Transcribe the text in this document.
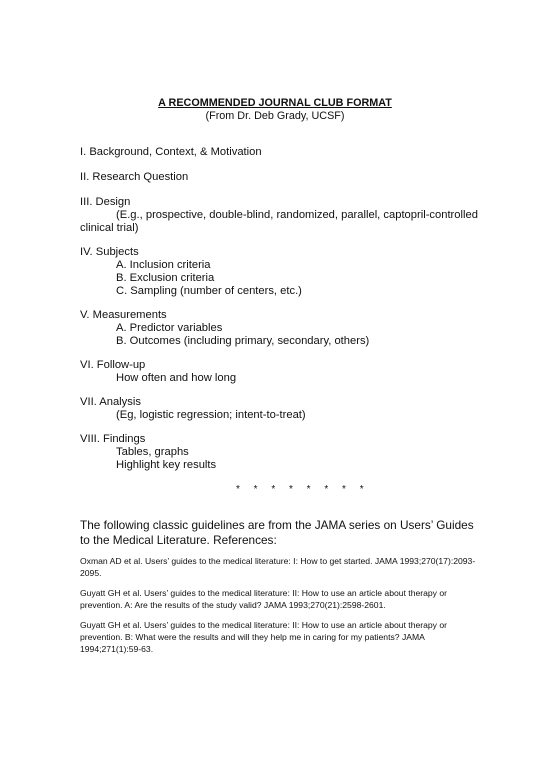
A RECOMMENDED JOURNAL CLUB FORMAT
(From Dr. Deb Grady, UCSF)
I. Background, Context, & Motivation
II. Research Question
III. Design
(E.g., prospective, double-blind, randomized, parallel, captopril-controlled
clinical trial)
IV. Subjects
A. Inclusion criteria
B. Exclusion criteria
C. Sampling (number of centers, etc.)
V. Measurements
A. Predictor variables
B. Outcomes (including primary, secondary, others)
VI. Follow-up
How often and how long
VII. Analysis
(Eg, logistic regression; intent-to-treat)
VIII. Findings
Tables, graphs
Highlight key results
* * * * * * * *
The following classic guidelines are from the JAMA series on Users’ Guides to the Medical Literature. References:
Oxman AD et al. Users’ guides to the medical literature: I: How to get started. JAMA 1993;270(17):2093-2095.
Guyatt GH et al. Users’ guides to the medical literature: II: How to use an article about therapy or prevention. A: Are the results of the study valid? JAMA 1993;270(21):2598-2601.
Guyatt GH et al. Users’ guides to the medical literature: II: How to use an article about therapy or prevention. B: What were the results and will they help me in caring for my patients? JAMA 1994;271(1):59-63.
